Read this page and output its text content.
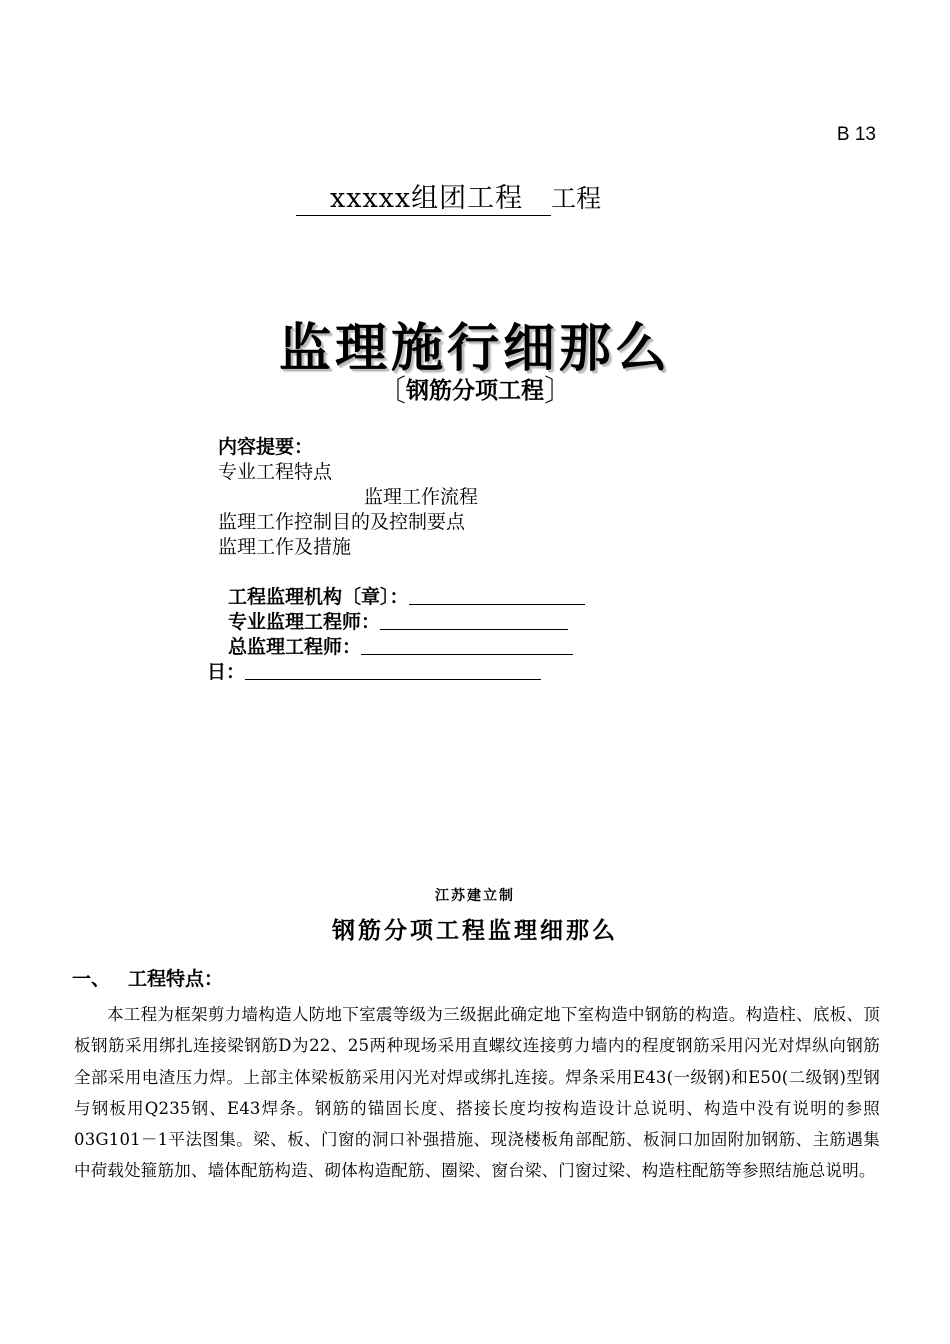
B 13
xxxxx组团工程 工程
监理施行细那么
〔钢筋分项工程〕
内容提要：
专业工程特点
监理工作流程
监理工作控制目的及控制要点
监理工作及措施
工程监理机构〔章〕：
专业监理工程师：
总监理工程师：
日：
江苏建立制
钢筋分项工程监理细那么
一、 工程特点：
本工程为框架剪力墙构造人防地下室震等级为三级据此确定地下室构造中钢筋的构造。构造柱、底板、顶板钢筋采用绑扎连接梁钢筋D为22、25两种现场采用直螺纹连接剪力墙内的程度钢筋采用闪光对焊纵向钢筋全部采用电渣压力焊。上部主体梁板筋采用闪光对焊或绑扎连接。焊条采用E43(一级钢)和E50(二级钢)型钢与钢板用Q235钢、E43焊条。钢筋的锚固长度、搭接长度均按构造设计总说明、构造中没有说明的参照03G101－1平法图集。梁、板、门窗的洞口补强措施、现浇楼板角部配筋、板洞口加固附加钢筋、主筋遇集中荷载处箍筋加、墙体配筋构造、砌体构造配筋、圈梁、窗台梁、门窗过梁、构造柱配筋等参照结施总说明。
